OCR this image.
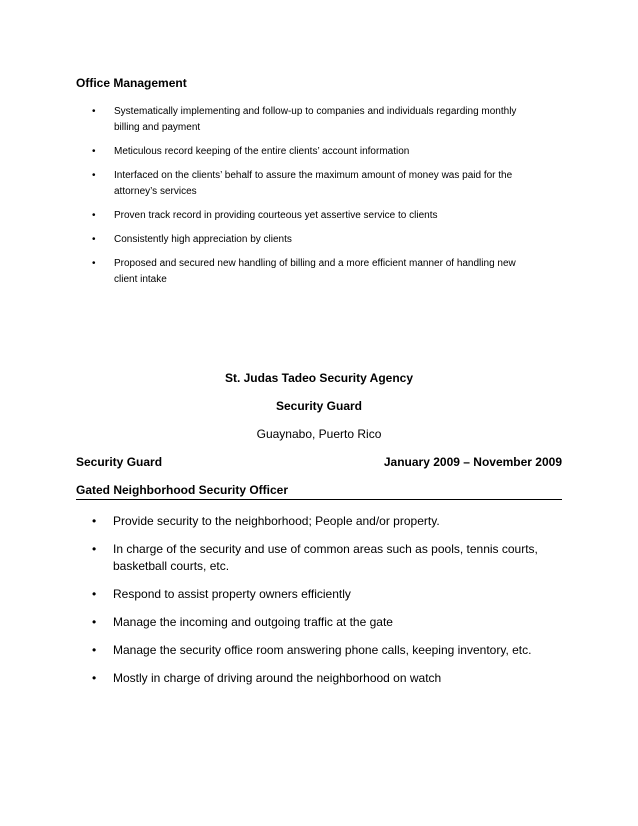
Office Management
• Systematically implementing and follow-up to companies and individuals regarding monthly
billing and payment
• Meticulous record keeping of the entire clients’ account information
• Interfaced on the clients’ behalf to assure the maximum amount of money was paid for the
attorney’s services
• Proven track record in providing courteous yet assertive service to clients
• Consistently high appreciation by clients
• Proposed and secured new handling of billing and a more efficient manner of handling new
client intake
St. Judas Tadeo Security Agency
Security Guard
Guaynabo, Puerto Rico
Security Guard	January 2009 – November 2009
Gated Neighborhood Security Officer
• Provide security to the neighborhood; People and/or property.
• In charge of the security and use of common areas such as pools, tennis courts,
basketball courts, etc.
• Respond to assist property owners efficiently
• Manage the incoming and outgoing traffic at the gate
• Manage the security office room answering phone calls, keeping inventory, etc.
• Mostly in charge of driving around the neighborhood on watch
